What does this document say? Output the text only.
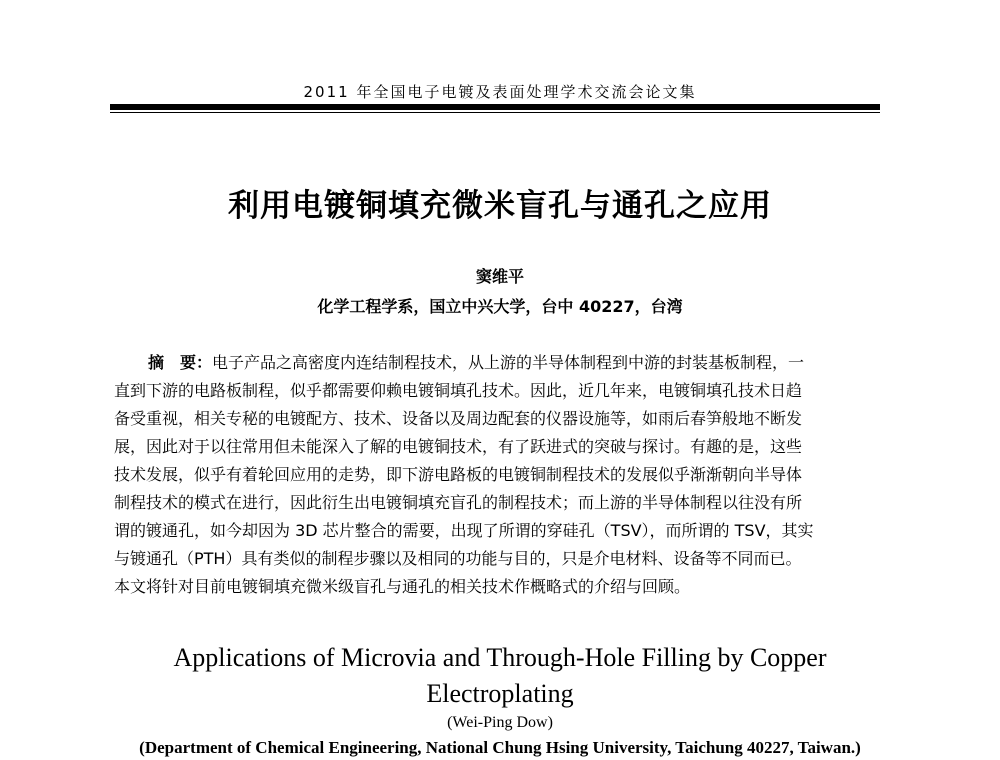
2011 年全国电子电镀及表面处理学术交流会论文集
利用电镀铜填充微米盲孔与通孔之应用
窦维平
化学工程学系，国立中兴大学，台中 40227，台湾
摘　要：电子产品之高密度内连结制程技术，从上游的半导体制程到中游的封装基板制程，一
直到下游的电路板制程，似乎都需要仰赖电镀铜填孔技术。因此，近几年来，电镀铜填孔技术日趋
备受重视，相关专秘的电镀配方、技术、设备以及周边配套的仪器设施等，如雨后春笋般地不断发
展，因此对于以往常用但未能深入了解的电镀铜技术，有了跃进式的突破与探讨。有趣的是，这些
技术发展，似乎有着轮回应用的走势，即下游电路板的电镀铜制程技术的发展似乎渐渐朝向半导体
制程技术的模式在进行，因此衍生出电镀铜填充盲孔的制程技术；而上游的半导体制程以往没有所
谓的镀通孔，如今却因为 3D 芯片整合的需要，出现了所谓的穿硅孔（TSV），而所谓的 TSV，其实
与镀通孔（PTH）具有类似的制程步骤以及相同的功能与目的，只是介电材料、设备等不同而已。
本文将针对目前电镀铜填充微米级盲孔与通孔的相关技术作概略式的介绍与回顾。
Applications of Microvia and Through-Hole Filling by Copper
Electroplating
(Wei-Ping Dow)
(Department of Chemical Engineering, National Chung Hsing University, Taichung 40227, Taiwan.)
